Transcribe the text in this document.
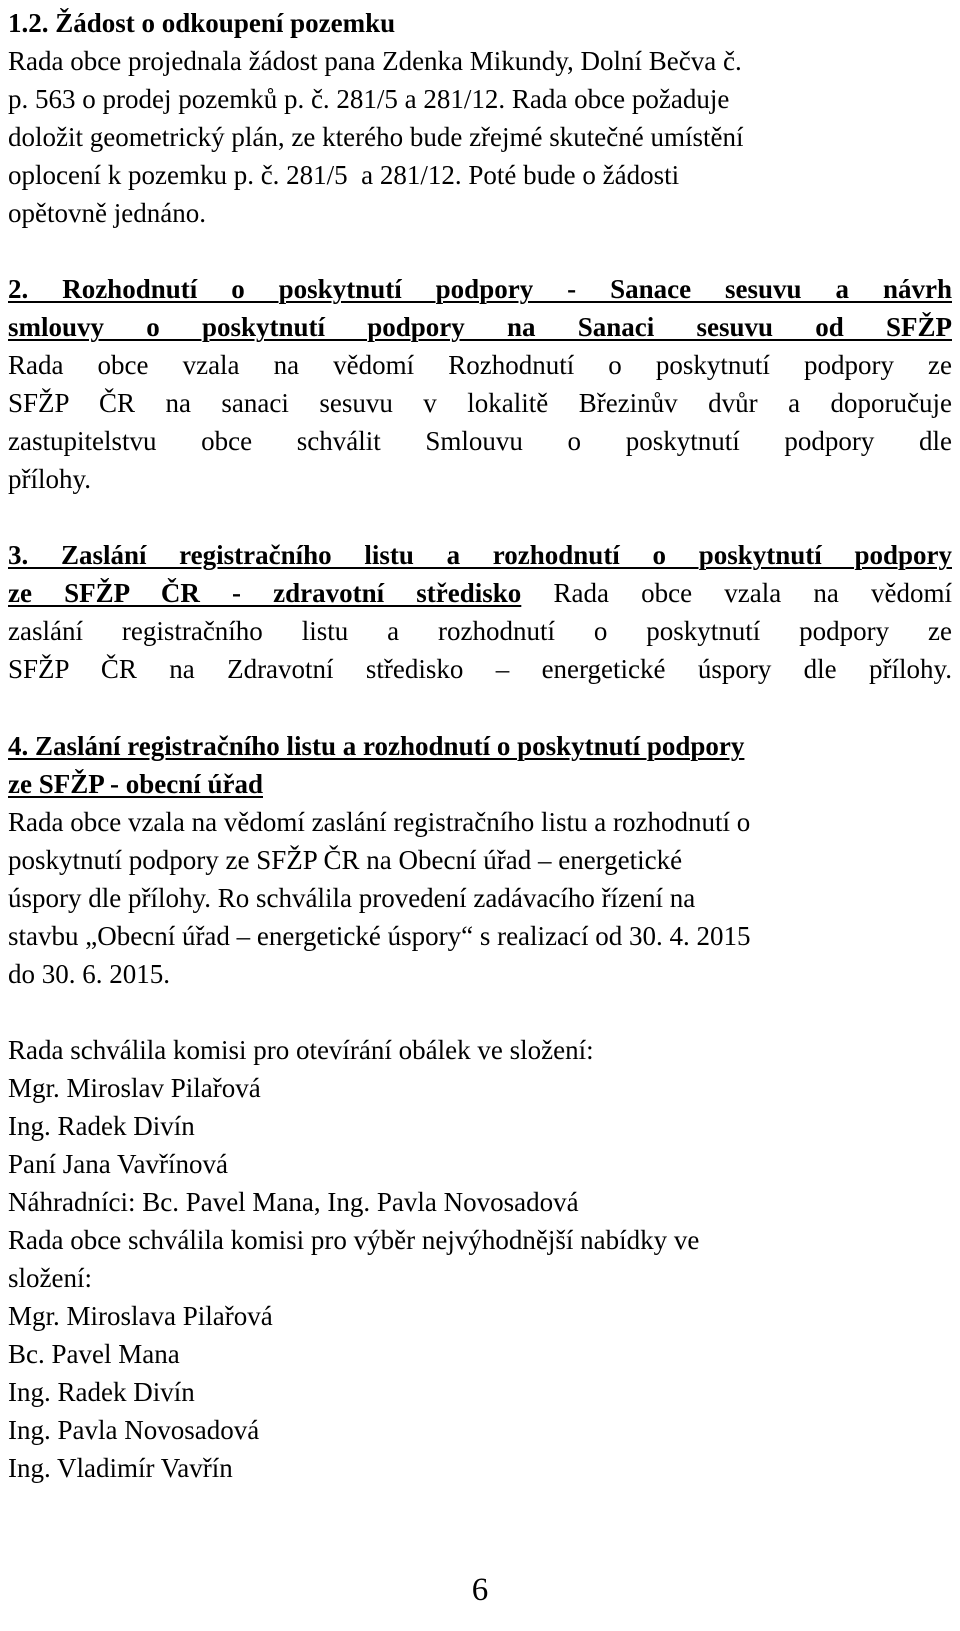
1.2. Žádost o odkoupení pozemku
Rada obce projednala žádost pana Zdenka Mikundy, Dolní Bečva č.
p. 563 o prodej pozemků p. č. 281/5 a 281/12. Rada obce požaduje
doložit geometrický plán, ze kterého bude zřejmé skutečné umístění
oplocení k pozemku p. č. 281/5  a 281/12. Poté bude o žádosti
opětovně jednáno.
2. Rozhodnutí o poskytnutí podpory - Sanace sesuvu a návrh
smlouvy o poskytnutí podpory na Sanaci sesuvu od SFŽP
Rada obce vzala na vědomí Rozhodnutí o poskytnutí podpory ze
SFŽP ČR na sanaci sesuvu v lokalitě Březinův dvůr a doporučuje
zastupitelstvu obce schválit Smlouvu o poskytnutí podpory dle
přílohy.
3. Zaslání registračního listu a rozhodnutí o poskytnutí podpory
ze SFŽP ČR - zdravotní středisko Rada obce vzala na vědomí
zaslání registračního listu a rozhodnutí o poskytnutí podpory ze
SFŽP ČR na Zdravotní středisko – energetické úspory dle přílohy.
4. Zaslání registračního listu a rozhodnutí o poskytnutí podpory
ze SFŽP - obecní úřad
Rada obce vzala na vědomí zaslání registračního listu a rozhodnutí o
poskytnutí podpory ze SFŽP ČR na Obecní úřad – energetické
úspory dle přílohy. Ro schválila provedení zadávacího řízení na
stavbu „Obecní úřad – energetické úspory“ s realizací od 30. 4. 2015
do 30. 6. 2015.
Rada schválila komisi pro otevírání obálek ve složení:
Mgr. Miroslav Pilařová
Ing. Radek Divín
Paní Jana Vavřínová
Náhradníci: Bc. Pavel Mana, Ing. Pavla Novosadová
Rada obce schválila komisi pro výběr nejvýhodnější nabídky ve
složení:
Mgr. Miroslava Pilařová
Bc. Pavel Mana
Ing. Radek Divín
Ing. Pavla Novosadová
Ing. Vladimír Vavřín
6
